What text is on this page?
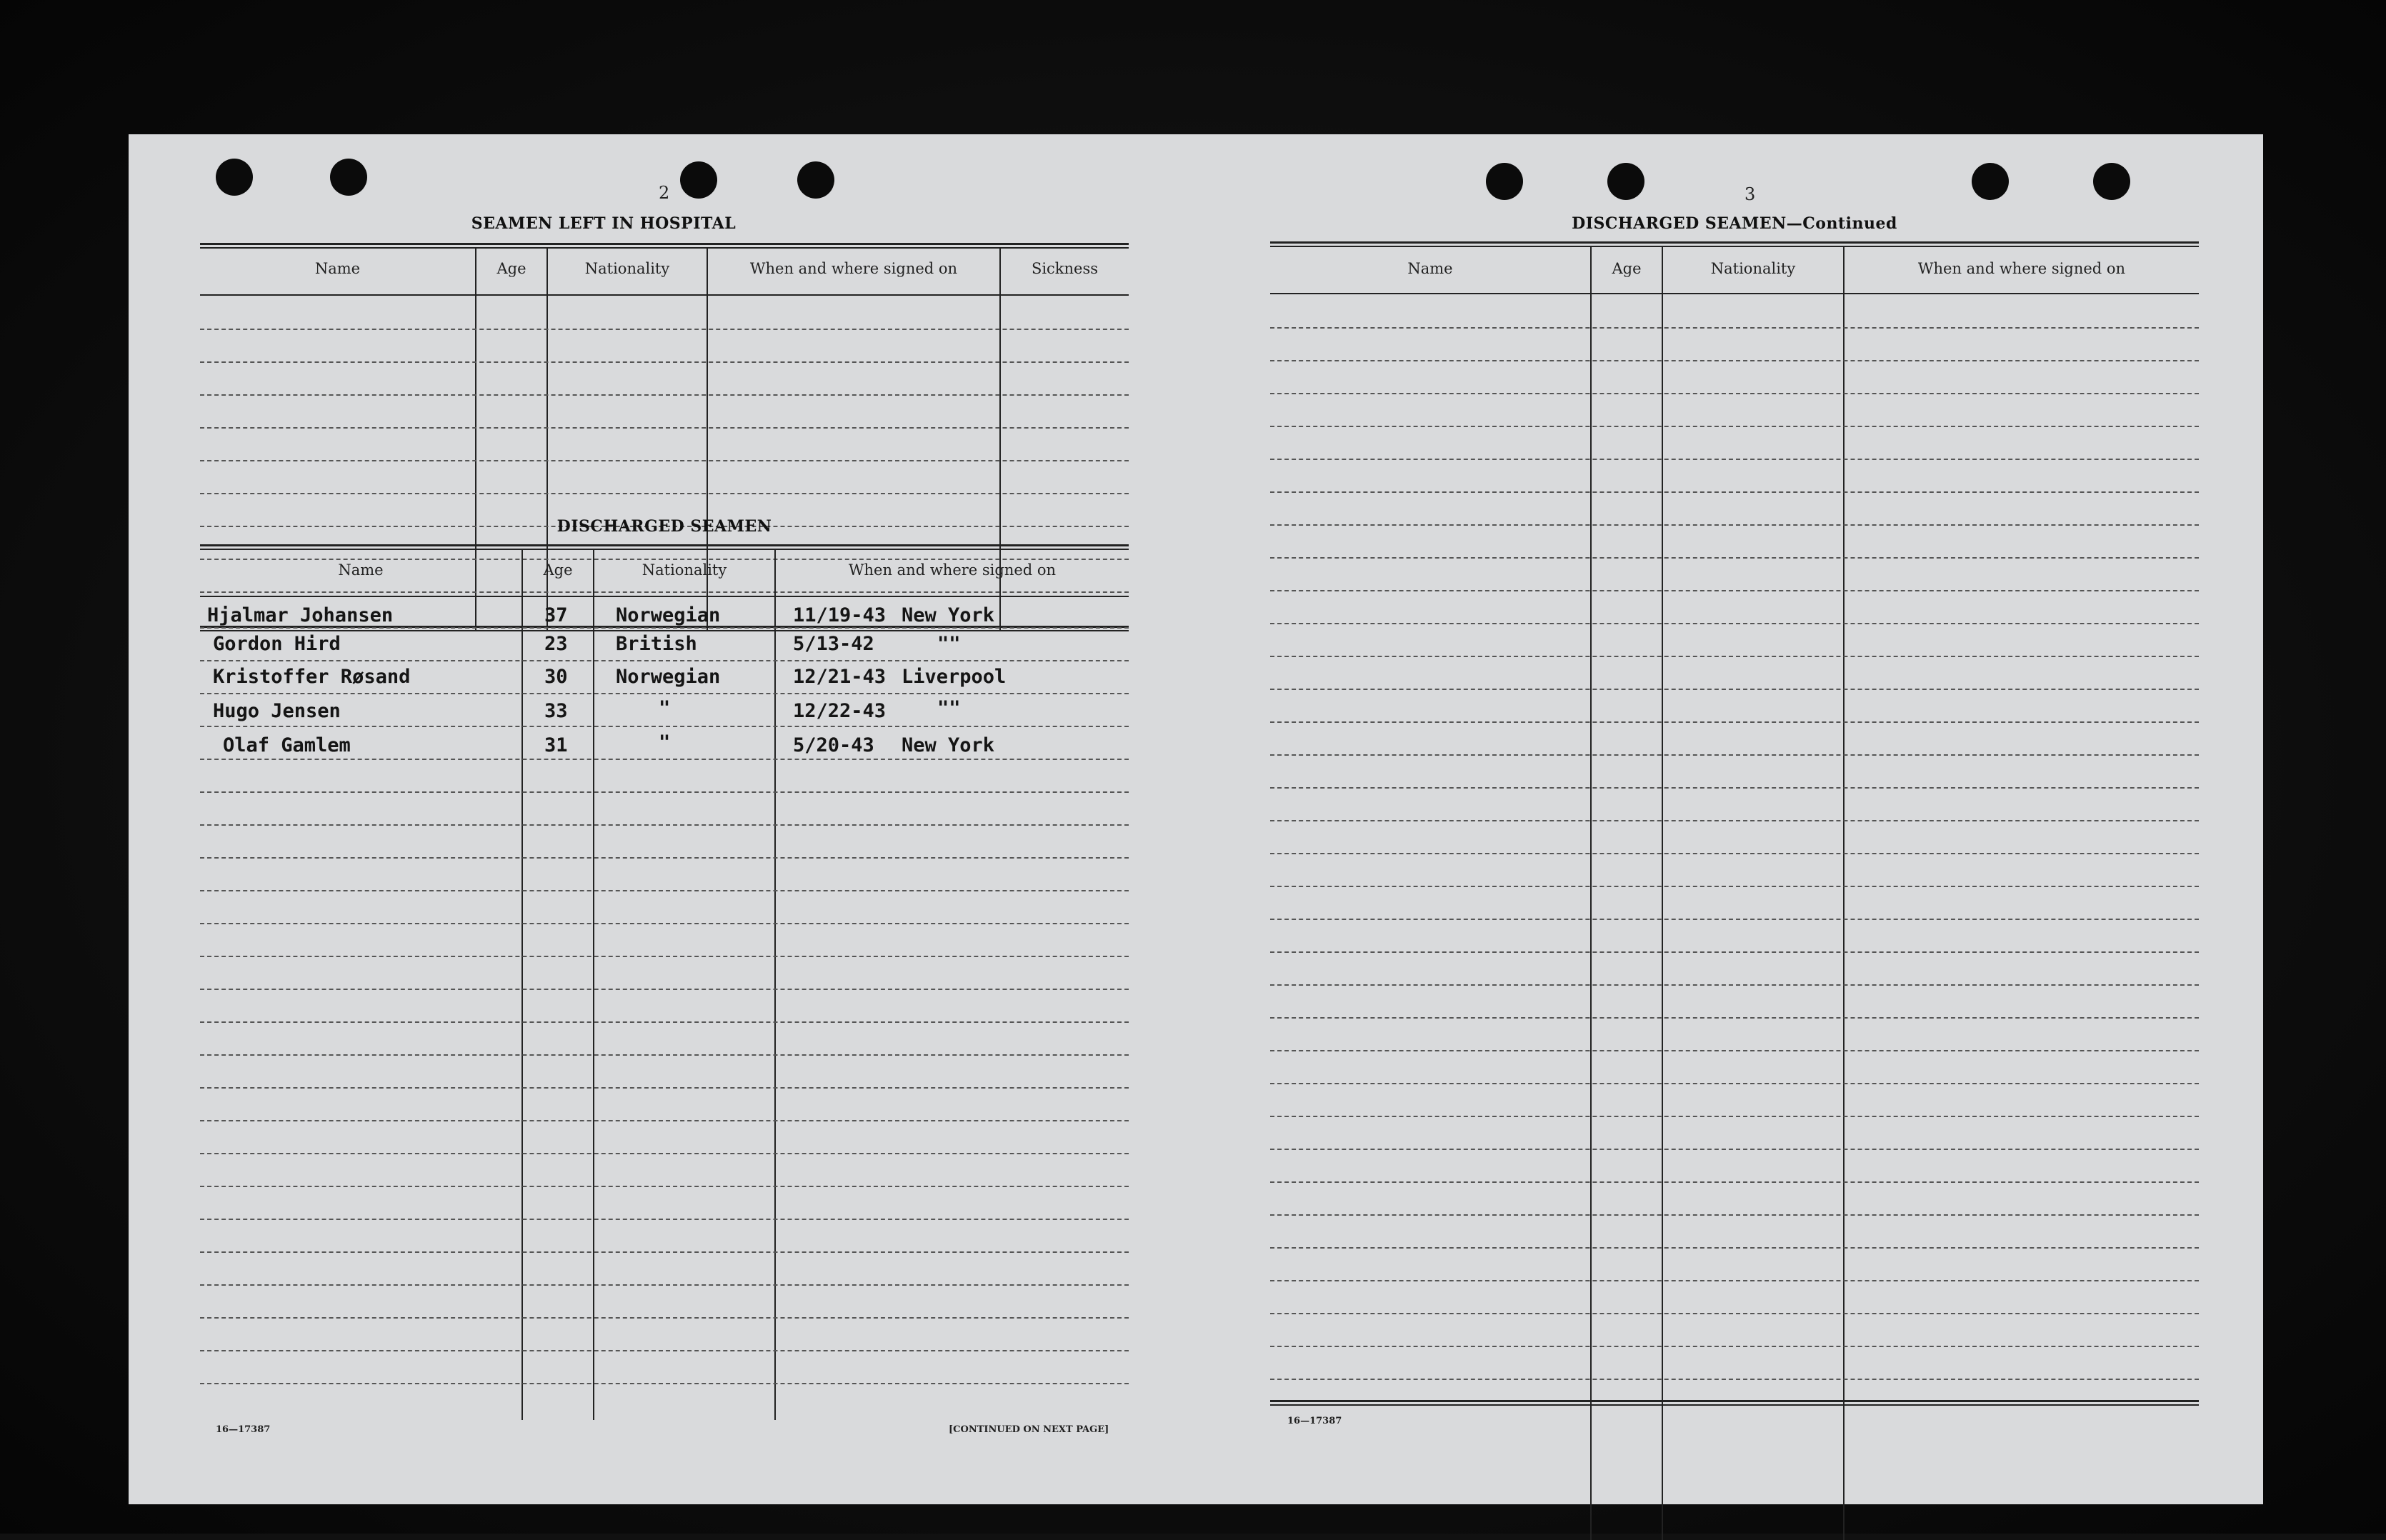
2
SEAMEN LEFT IN HOSPITAL
Name	Age	Nationality	When and where signed on	Sickness
DISCHARGED SEAMEN
Name	Age	Nationality	When and where signed on
Hjalmar Johansen	37 Norwegian	11/19-43 New York
Gordon Hird	23 British	5/13-42	""
Kristoffer Røsand	30 Norwegian	12/21-43 Liverpool
Hugo Jensen	33	"	12/22-43	""
Olaf Gamlem	31	"	5/20-43 New York
16—17387	[CONTINUED ON NEXT PAGE]
3
DISCHARGED SEAMEN—Continued
Name	Age	Nationality	When and where signed on
16—17387
